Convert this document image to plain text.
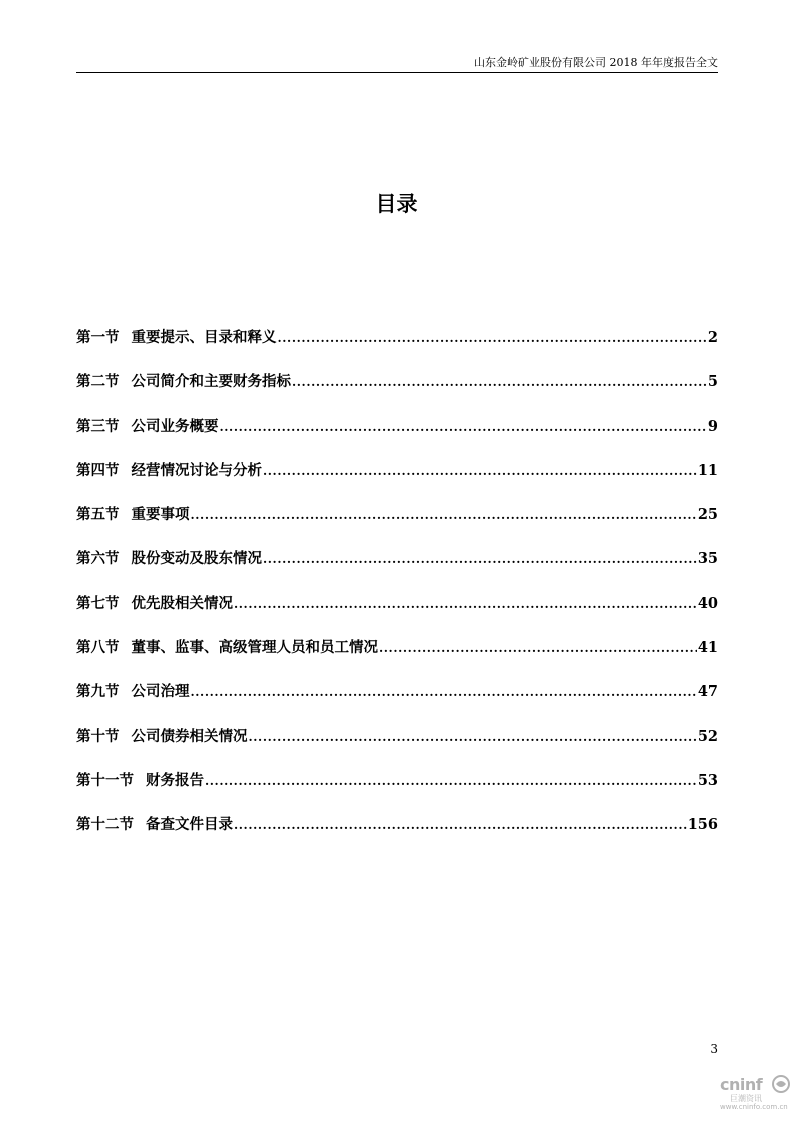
山东金岭矿业股份有限公司 2018 年年度报告全文
目录
第一节 重要提示、目录和释义 .....	2
第二节 公司简介和主要财务指标 .....	5
第三节 公司业务概要 .....	9
第四节 经营情况讨论与分析 .....	11
第五节 重要事项 .....	25
第六节 股份变动及股东情况 .....	35
第七节 优先股相关情况 .....	40
第八节 董事、监事、高级管理人员和员工情况 .....	41
第九节 公司治理 .....	47
第十节 公司债券相关情况 .....	52
第十一节 财务报告 .....	53
第十二节 备查文件目录 .....	156
3
cninf
巨潮资讯
www.cninfo.com.cn
